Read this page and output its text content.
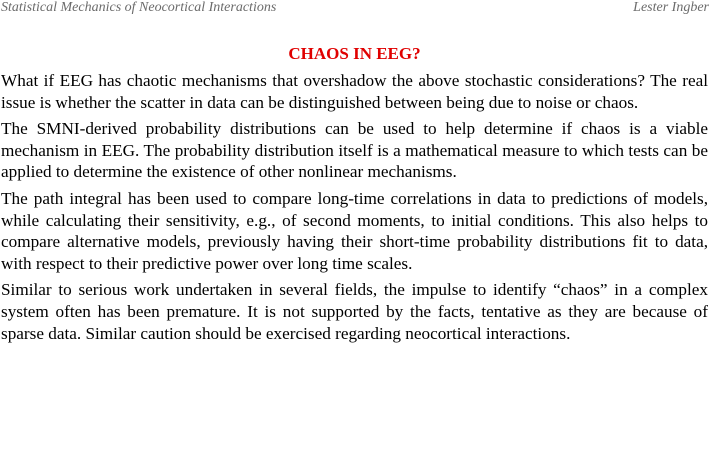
Statistical Mechanics of Neocortical Interactions	Lester Ingber
CHAOS IN EEG?

What if EEG has chaotic mechanisms that overshadow the above stochastic considerations? The real issue is whether the scatter in data can be distinguished between being due to noise or chaos.

The SMNI-derived probability distributions can be used to help determine if chaos is a viable mechanism in EEG. The probability distribution itself is a mathematical measure to which tests can be applied to determine the existence of other nonlinear mechanisms.

The path integral has been used to compare long-time correlations in data to predictions of models, while calculating their sensitivity, e.g., of second moments, to initial conditions. This also helps to compare alternative models, previously having their short-time probability distributions fit to data, with respect to their predictive power over long time scales.

Similar to serious work undertaken in several fields, the impulse to identify “chaos” in a complex system often has been premature. It is not supported by the facts, tentative as they are because of sparse data. Similar caution should be exercised regarding neocortical interactions.
